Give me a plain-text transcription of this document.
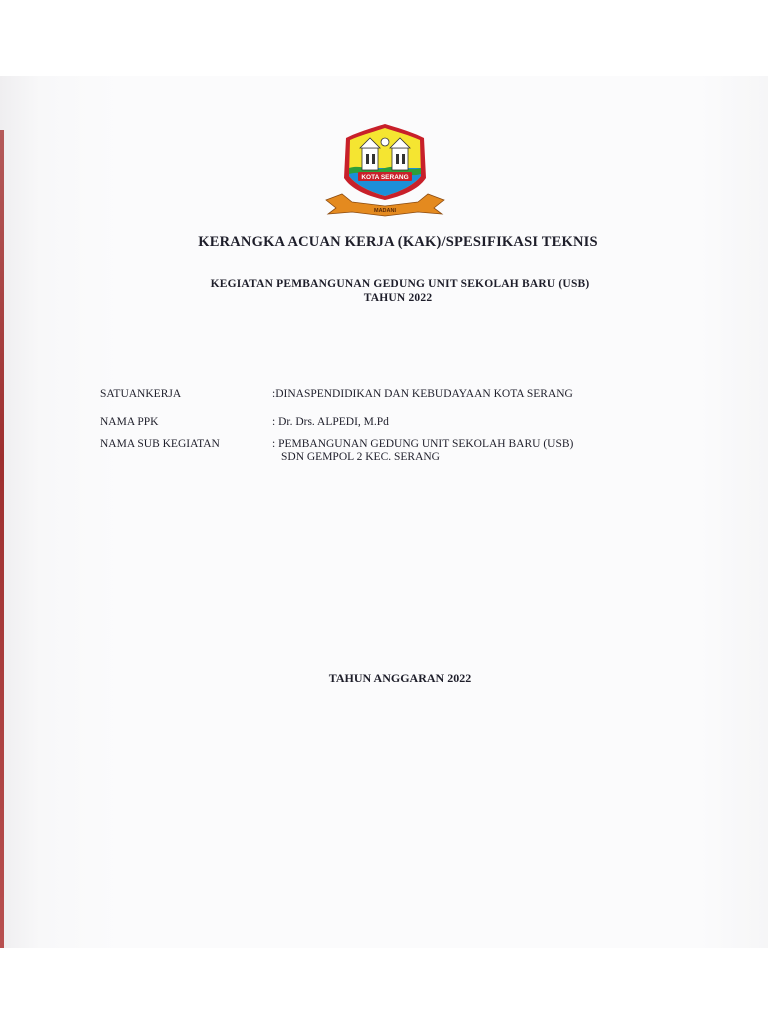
KOTA SERANG
MADANI
KERANGKA ACUAN KERJA (KAK)/SPESIFIKASI TEKNIS
KEGIATAN PEMBANGUNAN GEDUNG UNIT SEKOLAH BARU (USB)
TAHUN 2022
SATUANKERJA	:DINASPENDIDIKAN DAN KEBUDAYAAN KOTA SERANG
NAMA PPK	: Dr. Drs. ALPEDI, M.Pd
NAMA SUB KEGIATAN	: PEMBANGUNAN GEDUNG UNIT SEKOLAH BARU (USB)
SDN GEMPOL 2 KEC. SERANG
TAHUN ANGGARAN 2022
